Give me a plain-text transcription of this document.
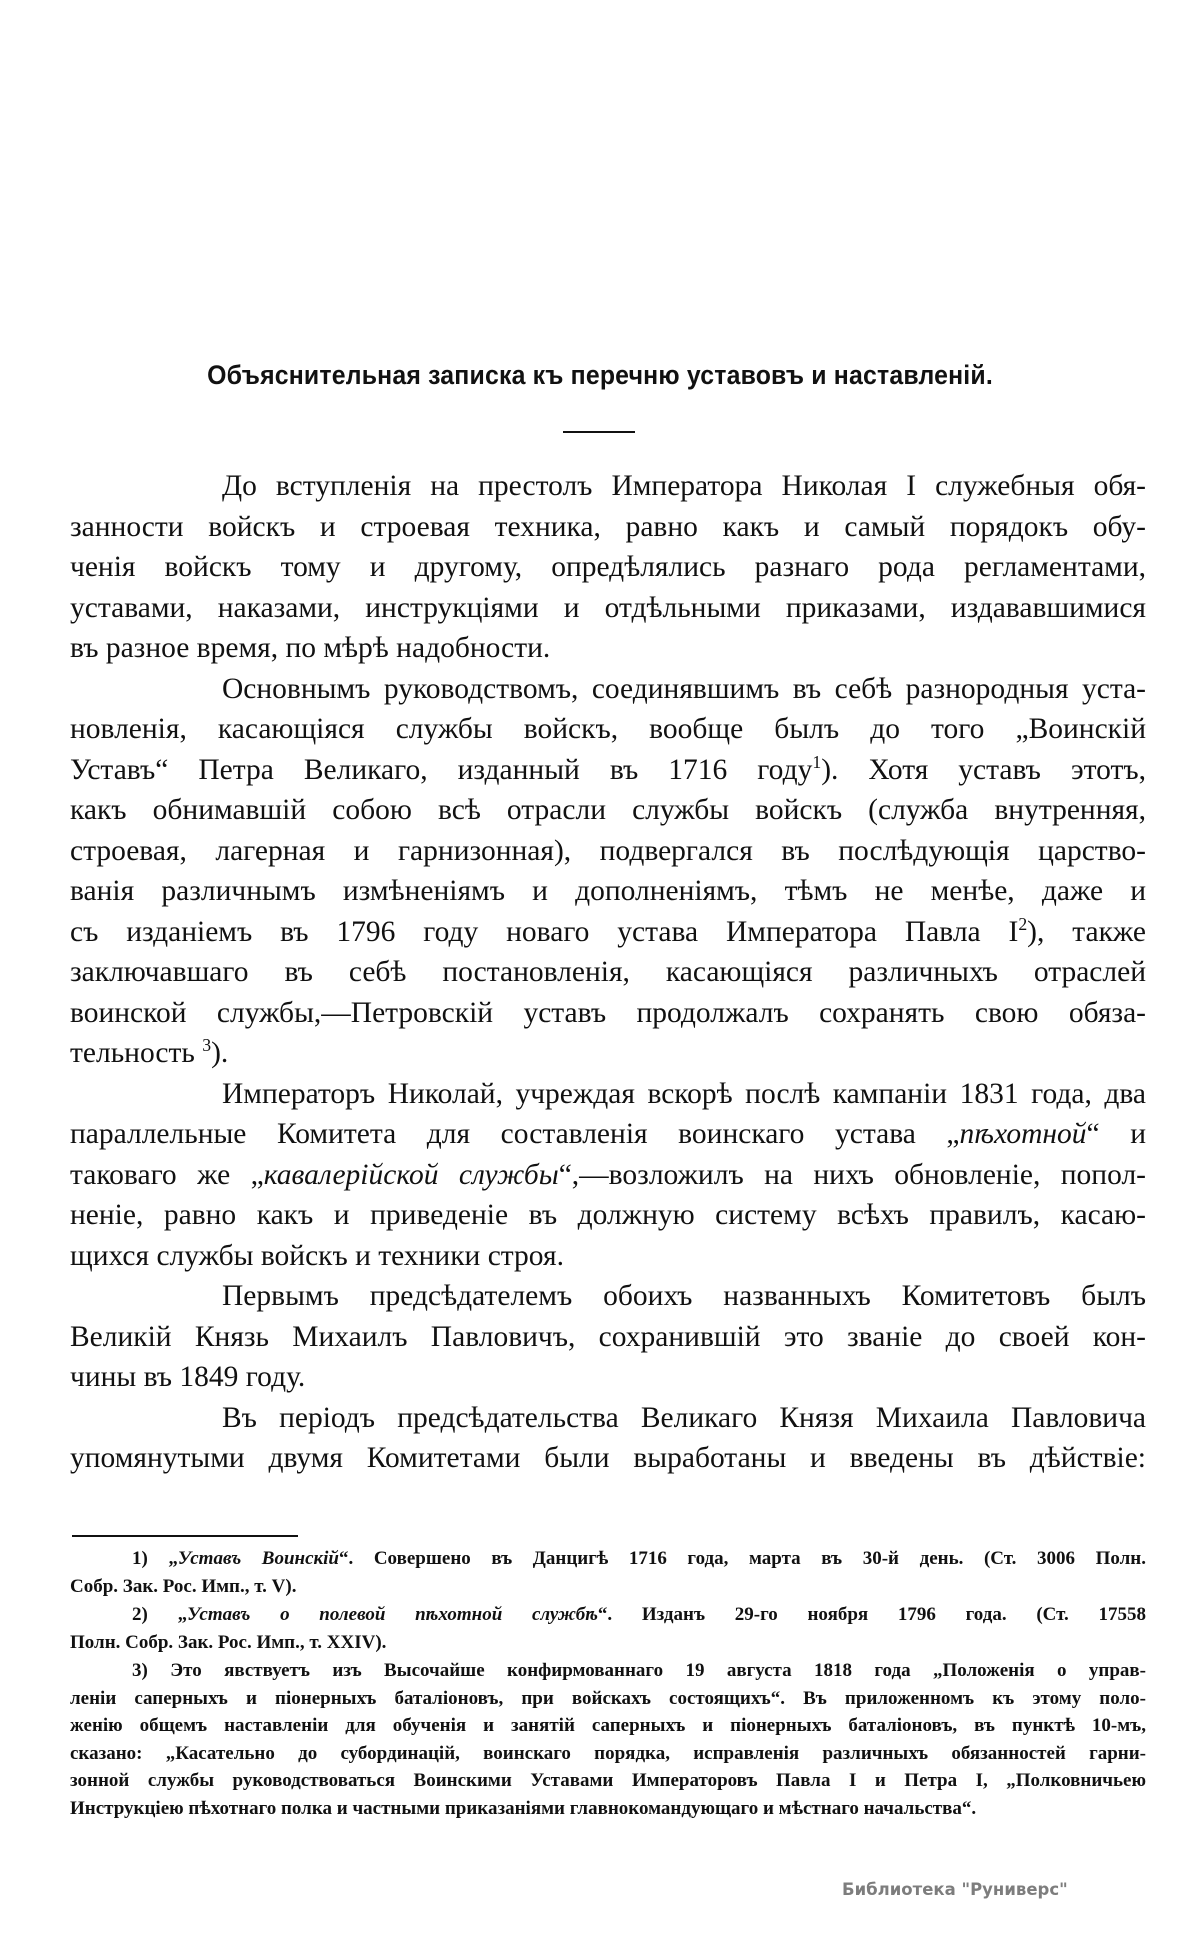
Объяснительная записка къ перечню уставовъ и наставленій.

До вступленія на престолъ Императора Николая I служебныя обя-
занности войскъ и строевая техника, равно какъ и самый порядокъ обу-
ченія войскъ тому и другому, опредѣлялись разнаго рода регламентами,
уставами, наказами, инструкціями и отдѣльными приказами, издававшимися
въ разное время, по мѣрѣ надобности.

Основнымъ руководствомъ, соединявшимъ въ себѣ разнородныя уста-
новленія, касающіяся службы войскъ, вообще былъ до того „Воинскій
Уставъ“ Петра Великаго, изданный въ 1716 году$^1$). Хотя уставъ этотъ,
какъ обнимавшій собою всѣ отрасли службы войскъ (служба внутренняя,
строевая, лагерная и гарнизонная), подвергался въ послѣдующія царство-
ванія различнымъ измѣненіямъ и дополненіямъ, тѣмъ не менѣе, даже и
съ изданіемъ въ 1796 году новаго устава Императора Павла $I^2$), также
заключавшаго въ себѣ постановленія, касающіяся различныхъ отраслей
воинской службы,—Петровскій уставъ продолжалъ сохранять свою обяза-
тельность $^3$).

Императоръ Николай, учреждая вскорѣ послѣ кампаніи 1831 года, два
параллельные Комитета для составленія воинскаго устава „пѣхотной“ и
таковаго же „кавалерійской службы“,—возложилъ на нихъ обновленіе, попол-
неніе, равно какъ и приведеніе въ должную систему всѣхъ правилъ, касаю-
щихся службы войскъ и техники строя.

Первымъ предсѣдателемъ обоихъ названныхъ Комитетовъ былъ
Великій Князь Михаилъ Павловичъ, сохранившій это званіе до своей кон-
чины въ 1849 году.

Въ періодъ предсѣдательства Великаго Князя Михаила Павловича
упомянутыми двумя Комитетами были выработаны и введены въ дѣйствіе:

1) „Уставъ Воинскій“. Совершено въ Данцигѣ 1716 года, марта въ 30-й день. (Ст. 3006 Полн.
Собр. Зак. Рос. Имп., т. V).
2) „Уставъ о полевой пѣхотной службѣ“. Изданъ 29-го ноября 1796 года. (Ст. 17558
Полн. Собр. Зак. Рос. Имп., т. XXIV).
3) Это явствуетъ изъ Высочайше конфирмованнаго 19 августа 1818 года „Положенія о управ-
леніи саперныхъ и піонерныхъ баталіоновъ, при войскахъ состоящихъ“. Въ приложенномъ къ этому поло-
женію общемъ наставленіи для обученія и занятій саперныхъ и піонерныхъ баталіоновъ, въ пунктѣ 10-мъ,
сказано: „Касательно до субординацій, воинскаго порядка, исправленія различныхъ обязанностей гарни-
зонной службы руководствоваться Воинскими Уставами Императоровъ Павла I и Петра I, „Полковничьею
Инструкціею пѣхотнаго полка и частными приказаніями главнокомандующаго и мѣстнаго начальства“.
Библиотека "Руниверс"
